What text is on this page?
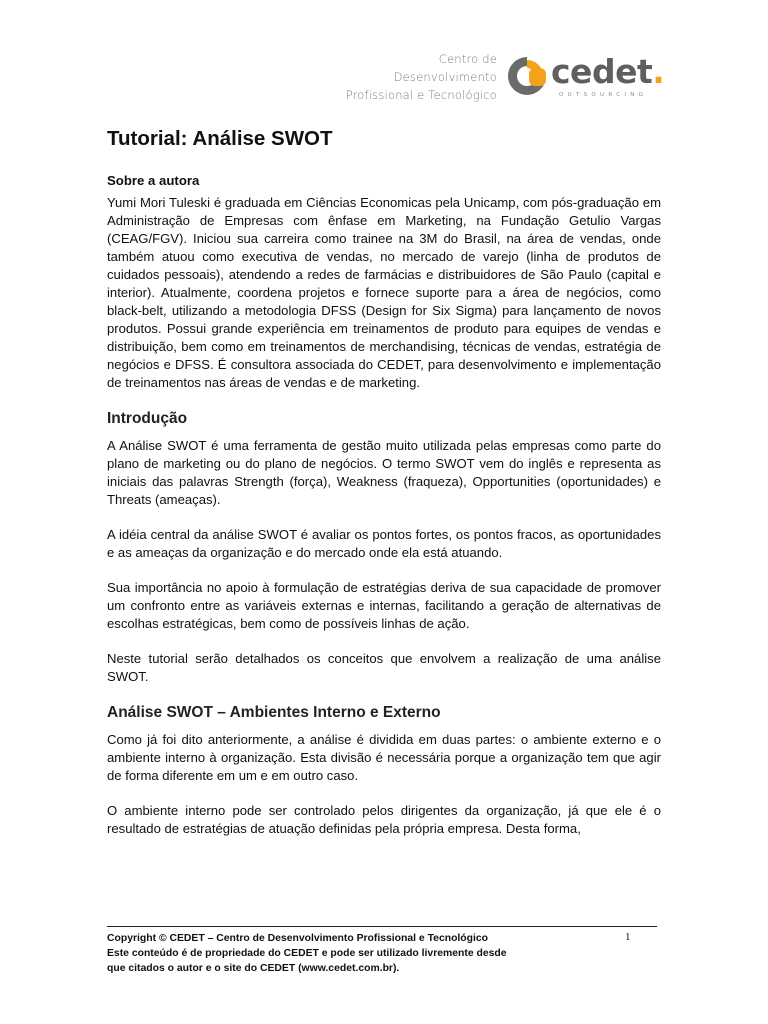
Centro de
Desenvolvimento
Profissional e Tecnológico
cedet.
OUTSOURCING
Tutorial: Análise SWOT
Sobre a autora

Yumi Mori Tuleski é graduada em Ciências Economicas pela Unicamp, com pós-graduação em Administração de Empresas com ênfase em Marketing, na Fundação Getulio Vargas (CEAG/FGV). Iniciou sua carreira como trainee na 3M do Brasil, na área de vendas, onde também atuou como executiva de vendas, no mercado de varejo (linha de produtos de cuidados pessoais), atendendo a redes de farmácias e distribuidores de São Paulo (capital e interior). Atualmente, coordena projetos e fornece suporte para a área de negócios, como black-belt, utilizando a metodologia DFSS (Design for Six Sigma) para lançamento de novos produtos. Possui grande experiência em treinamentos de produto para equipes de vendas e distribuição, bem como em treinamentos de merchandising, técnicas de vendas, estratégia de negócios e DFSS. É consultora associada do CEDET, para desenvolvimento e implementação de treinamentos nas áreas de vendas e de marketing.

Introdução

A Análise SWOT é uma ferramenta de gestão muito utilizada pelas empresas como parte do plano de marketing ou do plano de negócios. O termo SWOT vem do inglês e representa as iniciais das palavras Strength (força), Weakness (fraqueza), Opportunities (oportunidades) e Threats (ameaças).

A idéia central da análise SWOT é avaliar os pontos fortes, os pontos fracos, as oportunidades e as ameaças da organização e do mercado onde ela está atuando.

Sua importância no apoio à formulação de estratégias deriva de sua capacidade de promover um confronto entre as variáveis externas e internas, facilitando a geração de alternativas de escolhas estratégicas, bem como de possíveis linhas de ação.

Neste tutorial serão detalhados os conceitos que envolvem a realização de uma análise SWOT.

Análise SWOT – Ambientes Interno e Externo

Como já foi dito anteriormente, a análise é dividida em duas partes: o ambiente externo e o ambiente interno à organização. Esta divisão é necessária porque a organização tem que agir de forma diferente em um e em outro caso.

O ambiente interno pode ser controlado pelos dirigentes da organização, já que ele é o resultado de estratégias de atuação definidas pela própria empresa. Desta forma,

Copyright © CEDET – Centro de Desenvolvimento Profissional e Tecnológico
Este conteúdo é de propriedade do CEDET e pode ser utilizado livremente desde
que citados o autor e o site do CEDET (www.cedet.com.br).
1
